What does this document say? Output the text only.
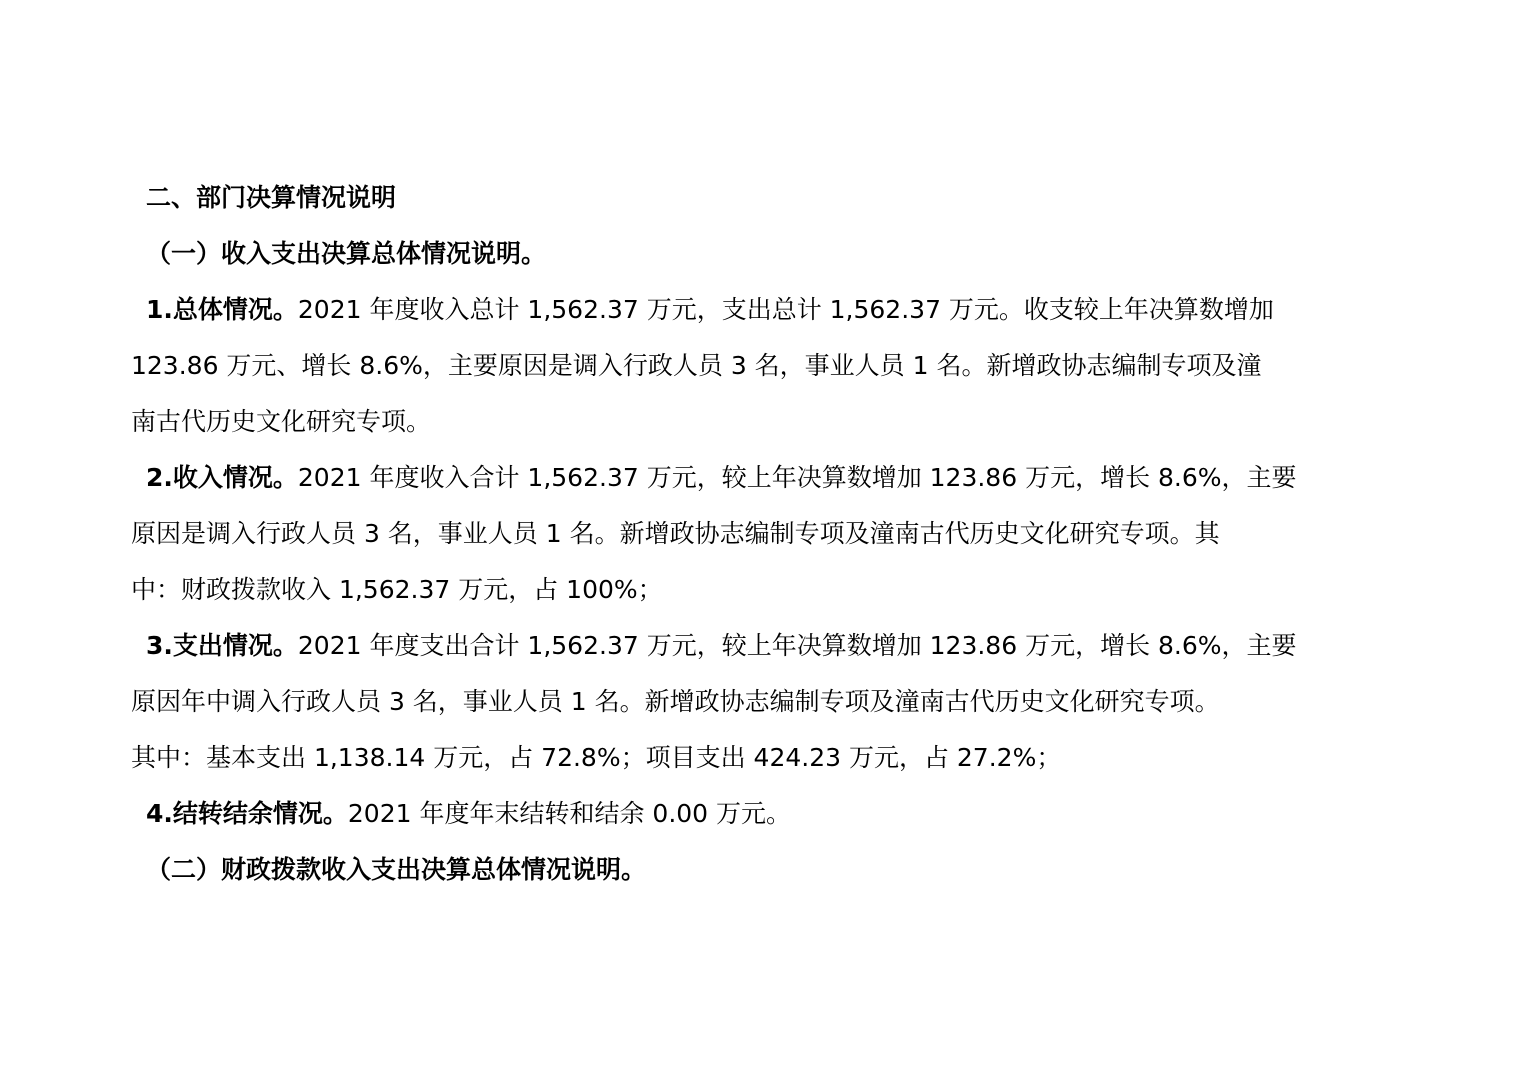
二、部门决算情况说明
（一）收入支出决算总体情况说明。
1.总体情况。2021 年度收入总计 1,562.37 万元，支出总计 1,562.37 万元。收支较上年决算数增加
123.86 万元、增长 8.6%，主要原因是调入行政人员 3 名，事业人员 1 名。新增政协志编制专项及潼
南古代历史文化研究专项。
2.收入情况。2021 年度收入合计 1,562.37 万元，较上年决算数增加 123.86 万元，增长 8.6%，主要
原因是调入行政人员 3 名，事业人员 1 名。新增政协志编制专项及潼南古代历史文化研究专项。其
中：财政拨款收入 1,562.37 万元，占 100%；
3.支出情况。2021 年度支出合计 1,562.37 万元，较上年决算数增加 123.86 万元，增长 8.6%，主要
原因年中调入行政人员 3 名，事业人员 1 名。新增政协志编制专项及潼南古代历史文化研究专项。
其中：基本支出 1,138.14 万元，占 72.8%；项目支出 424.23 万元，占 27.2%；
4.结转结余情况。2021 年度年末结转和结余 0.00 万元。
（二）财政拨款收入支出决算总体情况说明。
